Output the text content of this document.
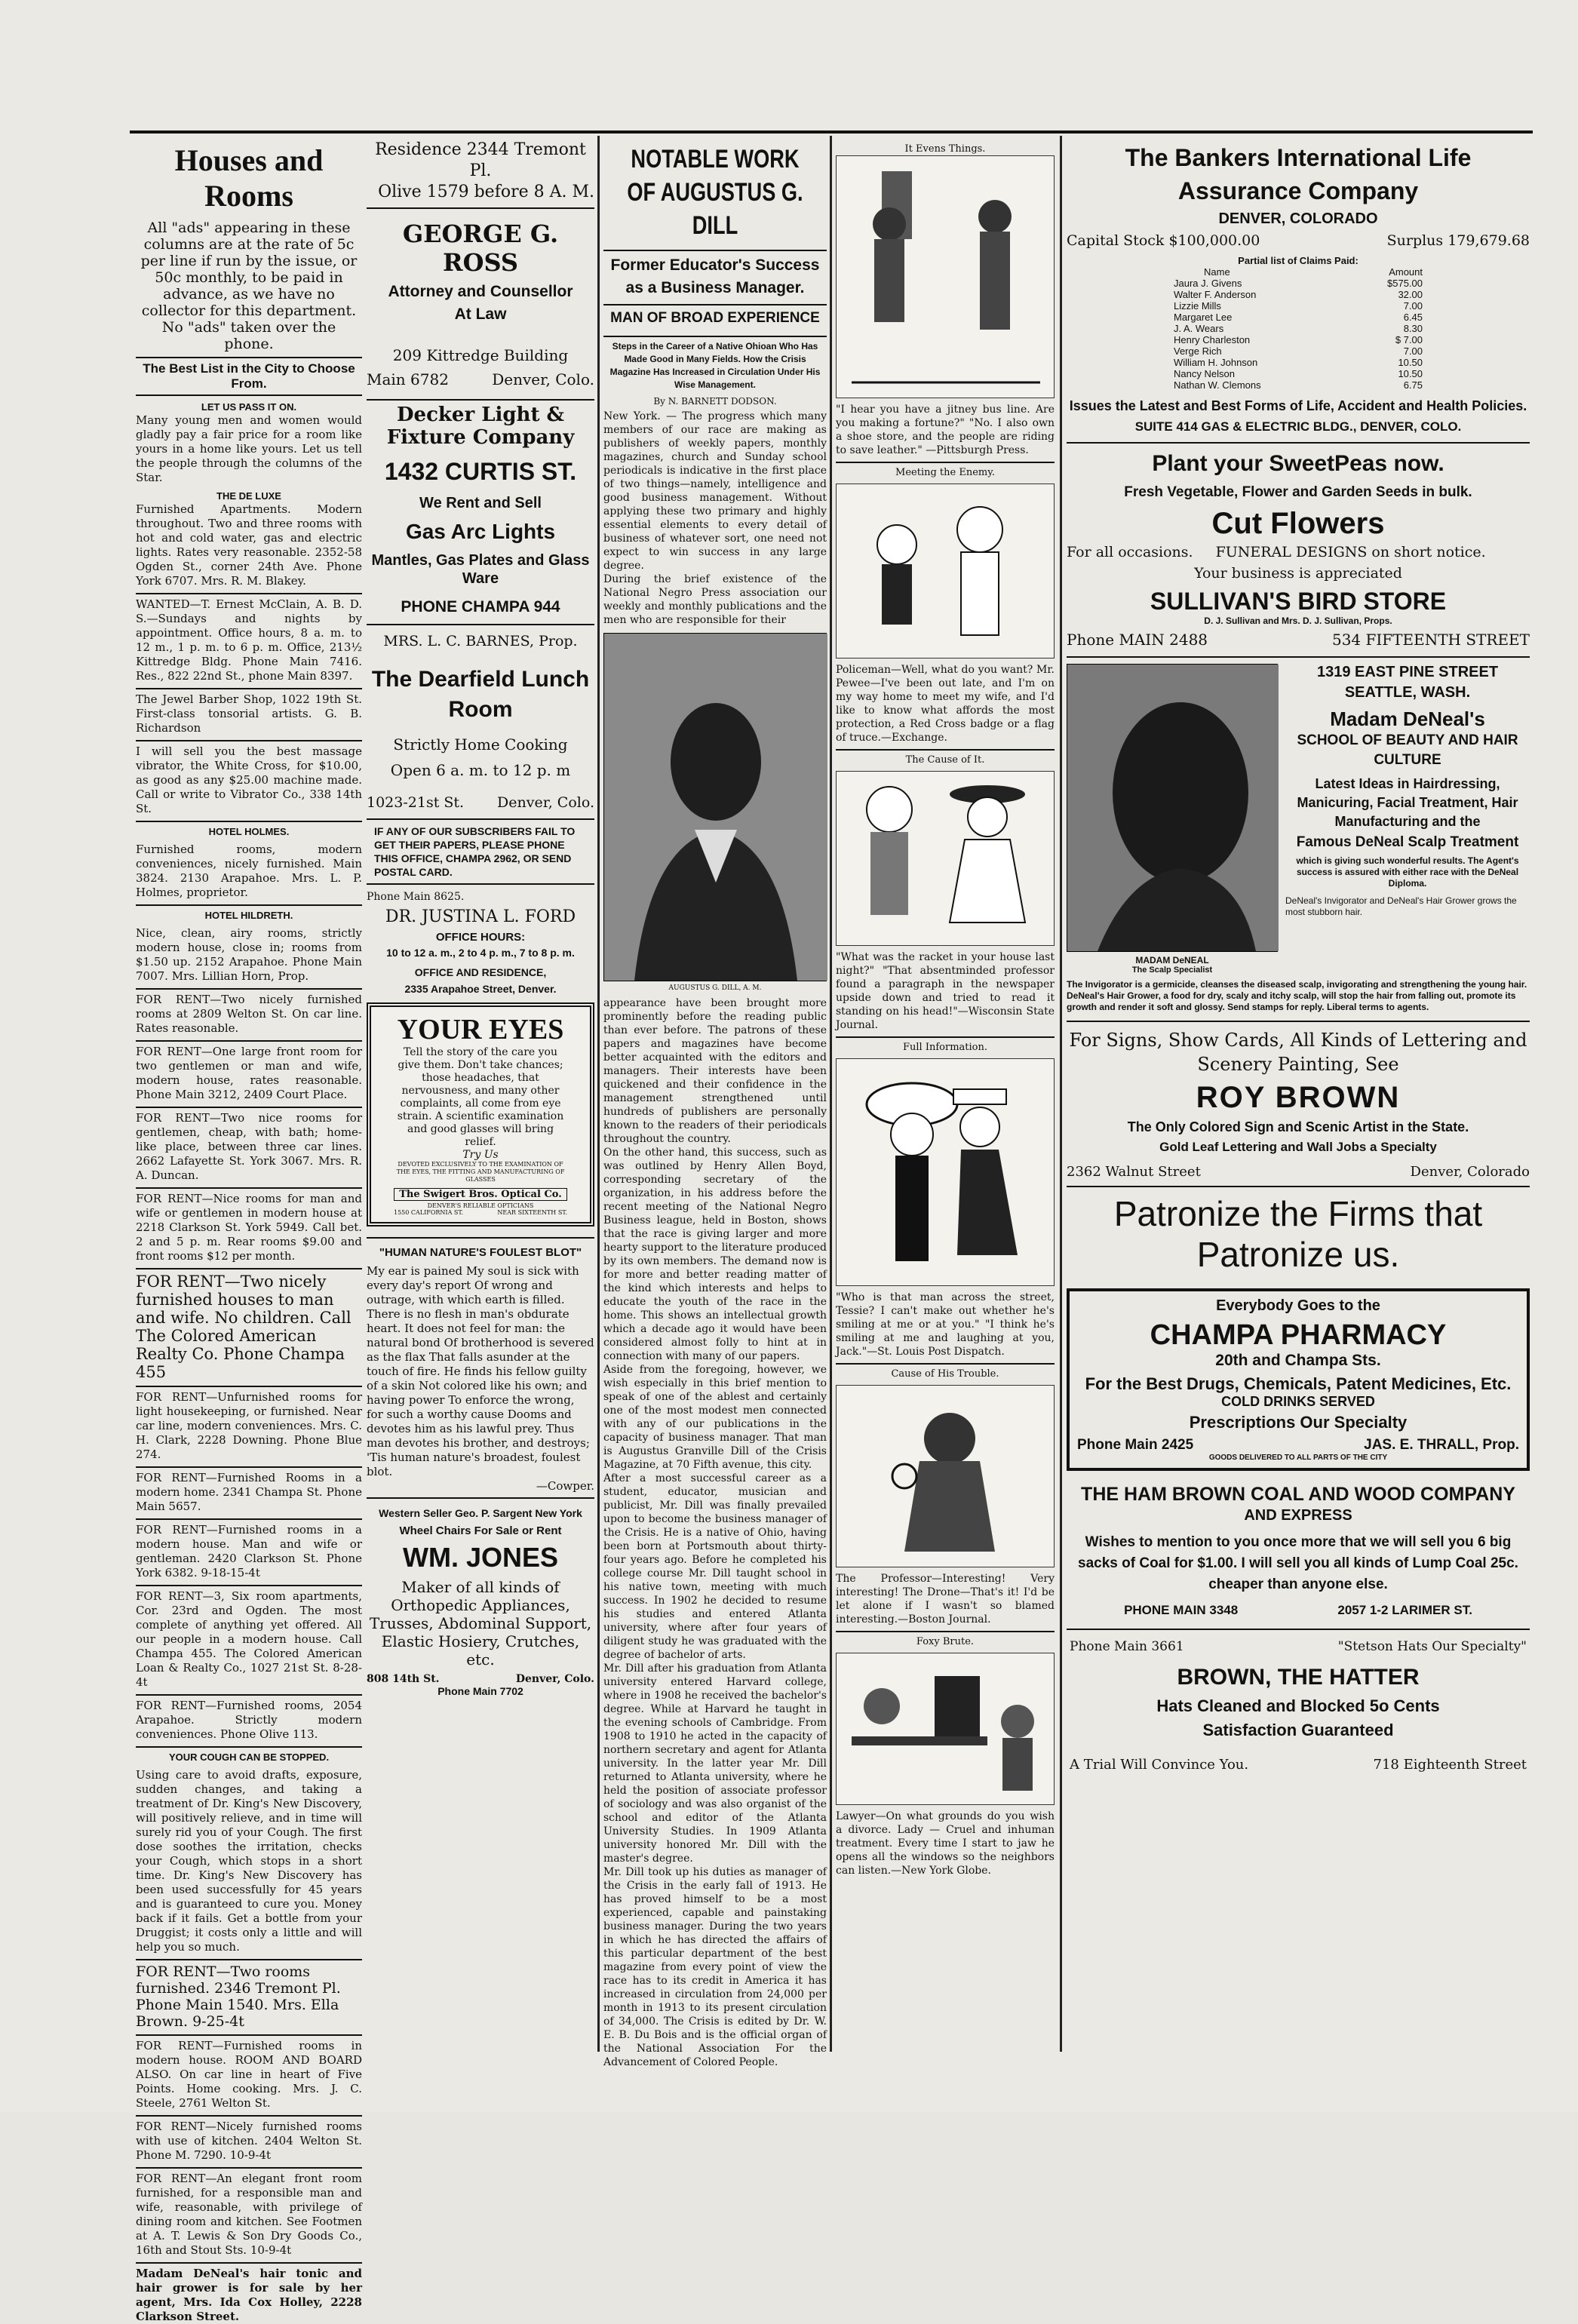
Houses and Rooms
All "ads" appearing in these columns are at the rate of 5c per line if run by the issue, or 50c monthly, to be paid in advance, as we have no collector for this department. No "ads" taken over the phone.
The Best List in the City to Choose From.
LET US PASS IT ON.
Many young men and women would gladly pay a fair price for a room like yours in a home like yours. Let us tell the people through the columns of the Star.
THE DE LUXE
Furnished Apartments. Modern throughout. Two and three rooms with hot and cold water, gas and electric lights. Rates very reasonable. 2352-58 Ogden St., corner 24th Ave. Phone York 6707. Mrs. R. M. Blakey.
WANTED—T. Ernest McClain, A. B. D. S.—Sundays and nights by appointment. Office hours, 8 a. m. to 12 m., 1 p. m. to 6 p. m. Office, 213½ Kittredge Bldg. Phone Main 7416. Res., 822 22nd St., phone Main 8397.
The Jewel Barber Shop, 1022 19th St. First-class tonsorial artists. G. B. Richardson
I will sell you the best massage vibrator, the White Cross, for $10.00, as good as any $25.00 machine made. Call or write to Vibrator Co., 338 14th St.
HOTEL HOLMES.
Furnished rooms, modern conveniences, nicely furnished. Main 3824. 2130 Arapahoe. Mrs. L. P. Holmes, proprietor.
HOTEL HILDRETH.
Nice, clean, airy rooms, strictly modern house, close in; rooms from $1.50 up. 2152 Arapahoe. Phone Main 7007. Mrs. Lillian Horn, Prop.
FOR RENT—Two nicely furnished rooms at 2809 Welton St. On car line. Rates reasonable.
FOR RENT—One large front room for two gentlemen or man and wife, modern house, rates reasonable. Phone Main 3212, 2409 Court Place.
FOR RENT—Two nice rooms for gentlemen, cheap, with bath; home-like place, between three car lines. 2662 Lafayette St. York 3067. Mrs. R. A. Duncan.
FOR RENT—Nice rooms for man and wife or gentlemen in modern house at 2218 Clarkson St. York 5949. Call bet. 2 and 5 p. m. Rear rooms $9.00 and front rooms $12 per month.
FOR RENT—Two nicely furnished houses to man and wife. No children. Call The Colored American Realty Co. Phone Champa 455
FOR RENT—Unfurnished rooms for light housekeeping, or furnished. Near car line, modern conveniences. Mrs. C. H. Clark, 2228 Downing. Phone Blue 274.
FOR RENT—Furnished Rooms in a modern home. 2341 Champa St. Phone Main 5657.
FOR RENT—Furnished rooms in a modern house. Man and wife or gentleman. 2420 Clarkson St. Phone York 6382. 9-18-15-4t
FOR RENT—3, Six room apartments, Cor. 23rd and Ogden. The most complete of anything yet offered. All our people in a modern house. Call Champa 455. The Colored American Loan & Realty Co., 1027 21st St. 8-28-4t
FOR RENT—Furnished rooms, 2054 Arapahoe. Strictly modern conveniences. Phone Olive 113.
YOUR COUGH CAN BE STOPPED.
Using care to avoid drafts, exposure, sudden changes, and taking a treatment of Dr. King's New Discovery, will positively relieve, and in time will surely rid you of your Cough. The first dose soothes the irritation, checks your Cough, which stops in a short time. Dr. King's New Discovery has been used successfully for 45 years and is guaranteed to cure you. Money back if it fails. Get a bottle from your Druggist; it costs only a little and will help you so much.
FOR RENT—Two rooms furnished. 2346 Tremont Pl. Phone Main 1540. Mrs. Ella Brown. 9-25-4t
FOR RENT—Furnished rooms in modern house. ROOM AND BOARD ALSO. On car line in heart of Five Points. Home cooking. Mrs. J. C. Steele, 2761 Welton St.
FOR RENT—Nicely furnished rooms with use of kitchen. 2404 Welton St. Phone M. 7290. 10-9-4t
FOR RENT—An elegant front room furnished, for a responsible man and wife, reasonable, with privilege of dining room and kitchen. See Footmen at A. T. Lewis & Son Dry Goods Co., 16th and Stout Sts. 10-9-4t
Madam DeNeal's hair tonic and hair grower is for sale by her agent, Mrs. Ida Cox Holley, 2228 Clarkson Street.
Residence 2344 Tremont Pl.
Olive 1579 before 8 A. M.
GEORGE G. ROSS
Attorney and Counsellor
At Law
209 Kittredge Building
Main 6782	Denver, Colo.
Decker Light & Fixture Company
1432 CURTIS ST.
We Rent and Sell
Gas Arc Lights
Mantles, Gas Plates and Glass Ware
PHONE CHAMPA 944
MRS. L. C. BARNES, Prop.
The Dearfield Lunch Room
Strictly Home Cooking
Open 6 a. m. to 12 p. m
1023-21st St. Denver, Colo.
IF ANY OF OUR SUBSCRIBERS FAIL TO GET THEIR PAPERS, PLEASE PHONE THIS OFFICE, CHAMPA 2962, OR SEND POSTAL CARD.
Phone Main 8625.
DR. JUSTINA L. FORD
OFFICE HOURS:
10 to 12 a. m., 2 to 4 p. m., 7 to 8 p. m.
OFFICE AND RESIDENCE,
2335 Arapahoe Street, Denver.
YOUR EYES
Tell the story of the care you give them. Don't take chances; those headaches, that nervousness, and many other complaints, all come from eye strain. A scientific examination and good glasses will bring relief.
Try Us
DEVOTED EXCLUSIVELY TO THE EXAMINATION OF THE EYES, THE FITTING AND MANUFACTURING OF GLASSES
The Swigert Bros. Optical Co.
DENVER'S RELIABLE OPTICIANS
1550 CALIFORNIA ST.	NEAR SIXTEENTH ST.
"HUMAN NATURE'S FOULEST BLOT"
My ear is pained My soul is sick with every day's report Of wrong and outrage, with which earth is filled. There is no flesh in man's obdurate heart. It does not feel for man: the natural bond Of brotherhood is severed as the flax That falls asunder at the touch of fire. He finds his fellow guilty of a skin Not colored like his own; and having power To enforce the wrong, for such a worthy cause Dooms and devotes him as his lawful prey. Thus man devotes his brother, and destroys; 'Tis human nature's broadest, foulest blot.
—Cowper.
Western Seller Geo. P. Sargent New York
Wheel Chairs For Sale or Rent
WM. JONES
Maker of all kinds of Orthopedic Appliances, Trusses, Abdominal Support, Elastic Hosiery, Crutches, etc.
808 14th St.	Denver, Colo.
Phone Main 7702
NOTABLE WORK OF AUGUSTUS G. DILL
Former Educator's Success as a Business Manager.
MAN OF BROAD EXPERIENCE
Steps in the Career of a Native Ohioan Who Has Made Good in Many Fields. How the Crisis Magazine Has Increased in Circulation Under His Wise Management.
By N. BARNETT DODSON.
New York. — The progress which many members of our race are making as publishers of weekly papers, monthly magazines, church and Sunday school periodicals is indicative in the first place of two things—namely, intelligence and good business management. Without applying these two primary and highly essential elements to every detail of business of whatever sort, one need not expect to win success in any large degree.
During the brief existence of the National Negro Press association our weekly and monthly publications and the men who are responsible for their
AUGUSTUS G. DILL, A. M.
appearance have been brought more prominently before the reading public than ever before. The patrons of these papers and magazines have become better acquainted with the editors and managers. Their interests have been quickened and their confidence in the management strengthened until hundreds of publishers are personally known to the readers of their periodicals throughout the country.
On the other hand, this success, such as was outlined by Henry Allen Boyd, corresponding secretary of the organization, in his address before the recent meeting of the National Negro Business league, held in Boston, shows that the race is giving larger and more hearty support to the literature produced by its own members. The demand now is for more and better reading matter of the kind which interests and helps to educate the youth of the race in the home. This shows an intellectual growth which a decade ago it would have been considered almost folly to hint at in connection with many of our papers.
Aside from the foregoing, however, we wish especially in this brief mention to speak of one of the ablest and certainly one of the most modest men connected with any of our publications in the capacity of business manager. That man is Augustus Granville Dill of the Crisis Magazine, at 70 Fifth avenue, this city.
After a most successful career as a student, educator, musician and publicist, Mr. Dill was finally prevailed upon to become the business manager of the Crisis. He is a native of Ohio, having been born at Portsmouth about thirty-four years ago. Before he completed his college course Mr. Dill taught school in his native town, meeting with much success. In 1902 he decided to resume his studies and entered Atlanta university, where after four years of diligent study he was graduated with the degree of bachelor of arts.
Mr. Dill after his graduation from Atlanta university entered Harvard college, where in 1908 he received the bachelor's degree. While at Harvard he taught in the evening schools of Cambridge. From 1908 to 1910 he acted in the capacity of northern secretary and agent for Atlanta university. In the latter year Mr. Dill returned to Atlanta university, where he held the position of associate professor of sociology and was also organist of the school and editor of the Atlanta University Studies. In 1909 Atlanta university honored Mr. Dill with the master's degree.
Mr. Dill took up his duties as manager of the Crisis in the early fall of 1913. He has proved himself to be a most experienced, capable and painstaking business manager. During the two years in which he has directed the affairs of this particular department of the best magazine from every point of view the race has to its credit in America it has increased in circulation from 24,000 per month in 1913 to its present circulation of 34,000. The Crisis is edited by Dr. W. E. B. Du Bois and is the official organ of the National Association For the Advancement of Colored People.
It Evens Things.
"I hear you have a jitney bus line. Are you making a fortune?" "No. I also own a shoe store, and the people are riding to save leather." —Pittsburgh Press.
Meeting the Enemy.
Policeman—Well, what do you want? Mr. Pewee—I've been out late, and I'm on my way home to meet my wife, and I'd like to know what affords the most protection, a Red Cross badge or a flag of truce.—Exchange.
The Cause of It.
"What was the racket in your house last night?" "That absentminded professor found a paragraph in the newspaper upside down and tried to read it standing on his head!"—Wisconsin State Journal.
Full Information.
"Who is that man across the street, Tessie? I can't make out whether he's smiling at me or at you." "I think he's smiling at me and laughing at you, Jack."—St. Louis Post Dispatch.
Cause of His Trouble.
The Professor—Interesting! Very interesting! The Drone—That's it! I'd be let alone if I wasn't so blamed interesting.—Boston Journal.
Foxy Brute.
Lawyer—On what grounds do you wish a divorce. Lady — Cruel and inhuman treatment. Every time I start to jaw he opens all the windows so the neighbors can listen.—New York Globe.
The Bankers International Life Assurance Company
DENVER, COLORADO
Capital Stock $100,000.00	Surplus 179,679.68
Partial list of Claims Paid:
Name	Amount
Jaura J. Givens	$575.00
Walter F. Anderson	32.00
Lizzie Mills	7.00
Margaret Lee	6.45
J. A. Wears	8.30
Henry Charleston	$ 7.00
Verge Rich	7.00
William H. Johnson	10.50
Nancy Nelson	10.50
Nathan W. Clemons	6.75
Issues the Latest and Best Forms of Life, Accident and Health Policies.
SUITE 414 GAS & ELECTRIC BLDG., DENVER, COLO.
Plant your SweetPeas now.
Fresh Vegetable, Flower and Garden Seeds in bulk.
Cut Flowers
For all occasions. FUNERAL DESIGNS on short notice.
Your business is appreciated
SULLIVAN'S BIRD STORE
D. J. Sullivan and Mrs. D. J. Sullivan, Props.
Phone MAIN 2488	534 FIFTEENTH STREET
MADAM DeNEAL
The Scalp Specialist
1319 EAST PINE STREET
SEATTLE, WASH.
Madam DeNeal's
SCHOOL OF BEAUTY AND HAIR CULTURE
Latest Ideas in Hairdressing, Manicuring, Facial Treatment, Hair Manufacturing and the
Famous DeNeal Scalp Treatment
which is giving such wonderful results. The Agent's success is assured with either race with the DeNeal Diploma.
DeNeal's Invigorator and DeNeal's Hair Grower grows the most stubborn hair.
The Invigorator is a germicide, cleanses the diseased scalp, invigorating and strengthening the young hair. DeNeal's Hair Grower, a food for dry, scaly and itchy scalp, will stop the hair from falling out, promote its growth and render it soft and glossy. Send stamps for reply. Liberal terms to agents.
For Signs, Show Cards, All Kinds of Lettering and Scenery Painting, See
ROY BROWN
The Only Colored Sign and Scenic Artist in the State.
Gold Leaf Lettering and Wall Jobs a Specialty
2362 Walnut Street	Denver, Colorado
Patronize the Firms that Patronize us.
Everybody Goes to the
CHAMPA PHARMACY
20th and Champa Sts.
For the Best Drugs, Chemicals, Patent Medicines, Etc.
COLD DRINKS SERVED
Prescriptions Our Specialty
Phone Main 2425	JAS. E. THRALL, Prop.
GOODS DELIVERED TO ALL PARTS OF THE CITY
THE HAM BROWN COAL AND WOOD COMPANY
AND EXPRESS
Wishes to mention to you once more that we will sell you 6 big sacks of Coal for $1.00. I will sell you all kinds of Lump Coal 25c. cheaper than anyone else.
PHONE MAIN 3348	2057 1-2 LARIMER ST.
Phone Main 3661	"Stetson Hats Our Specialty"
BROWN, THE HATTER
Hats Cleaned and Blocked 5o Cents
Satisfaction Guaranteed
A Trial Will Convince You.	718 Eighteenth Street
